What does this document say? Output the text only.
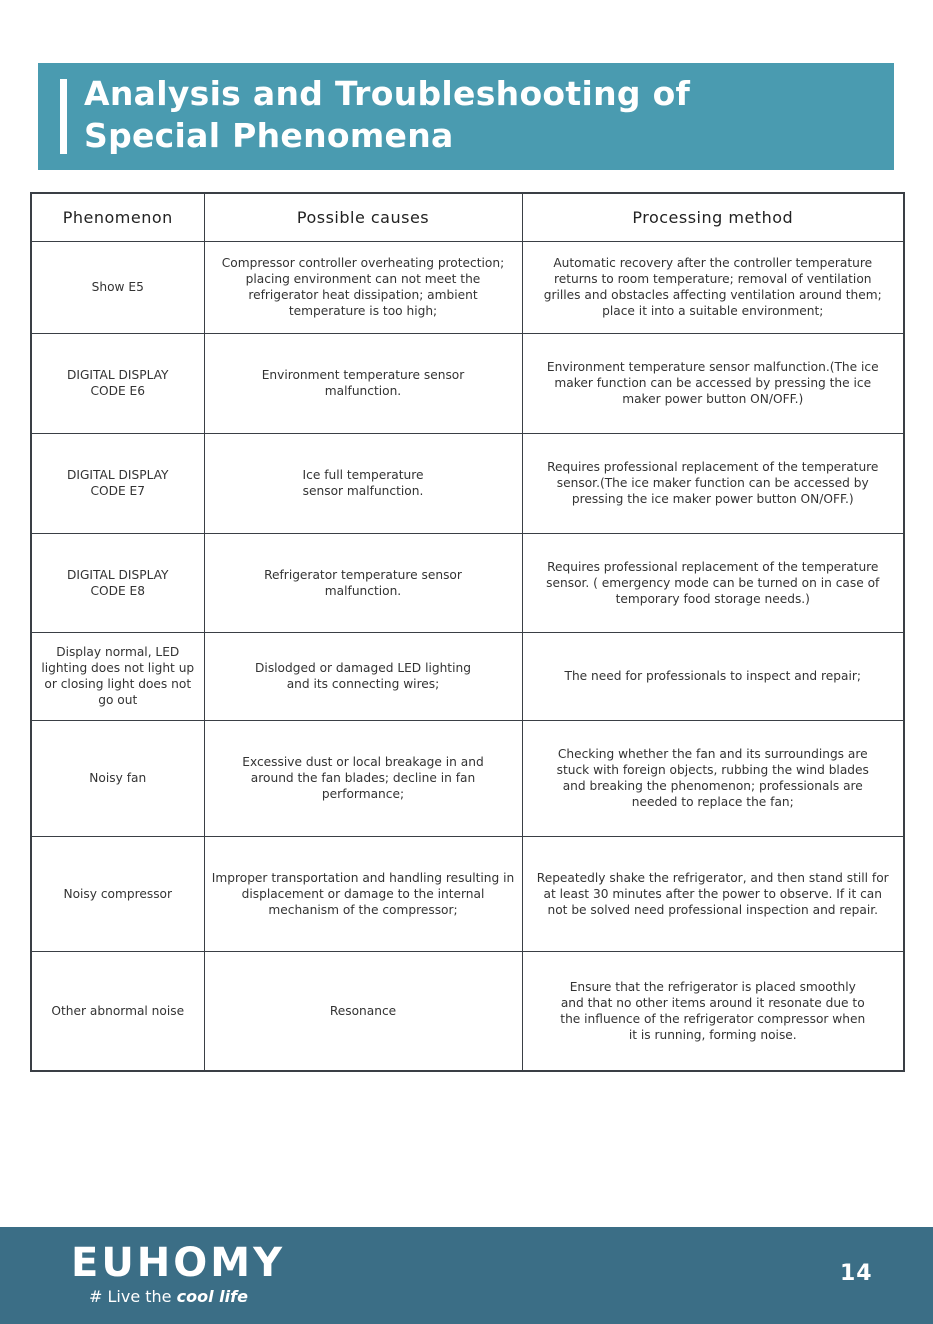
Analysis and Troubleshooting of
Special Phenomena
Phenomenon	Possible causes	Processing method
Show E5	Compressor controller overheating protection; placing environment can not meet the refrigerator heat dissipation; ambient temperature is too high;	Automatic recovery after the controller temperature returns to room temperature; removal of ventilation grilles and obstacles affecting ventilation around them; place it into a suitable environment;
DIGITAL DISPLAY CODE E6	Environment temperature sensor malfunction.	Environment temperature sensor malfunction.(The ice maker function can be accessed by pressing the ice maker power button ON/OFF.)
DIGITAL DISPLAY CODE E7	Ice full temperature sensor malfunction.	Requires professional replacement of the temperature sensor.(The ice maker function can be accessed by pressing the ice maker power button ON/OFF.)
DIGITAL DISPLAY CODE E8	Refrigerator temperature sensor malfunction.	Requires professional replacement of the temperature sensor. ( emergency mode can be turned on in case of temporary food storage needs.)
Display normal, LED lighting does not light up or closing light does not go out	Dislodged or damaged LED lighting and its connecting wires;	The need for professionals to inspect and repair;
Noisy fan	Excessive dust or local breakage in and around the fan blades; decline in fan performance;	Checking whether the fan and its surroundings are stuck with foreign objects, rubbing the wind blades and breaking the phenomenon; professionals are needed to replace the fan;
Noisy compressor	Improper transportation and handling resulting in displacement or damage to the internal mechanism of the compressor;	Repeatedly shake the refrigerator, and then stand still for at least 30 minutes after the power to observe. If it can not be solved need professional inspection and repair.
Other abnormal noise	Resonance	Ensure that the refrigerator is placed smoothly and that no other items around it resonate due to the influence of the refrigerator compressor when it is running, forming noise.
EUHOMY
# Live the cool life
14
